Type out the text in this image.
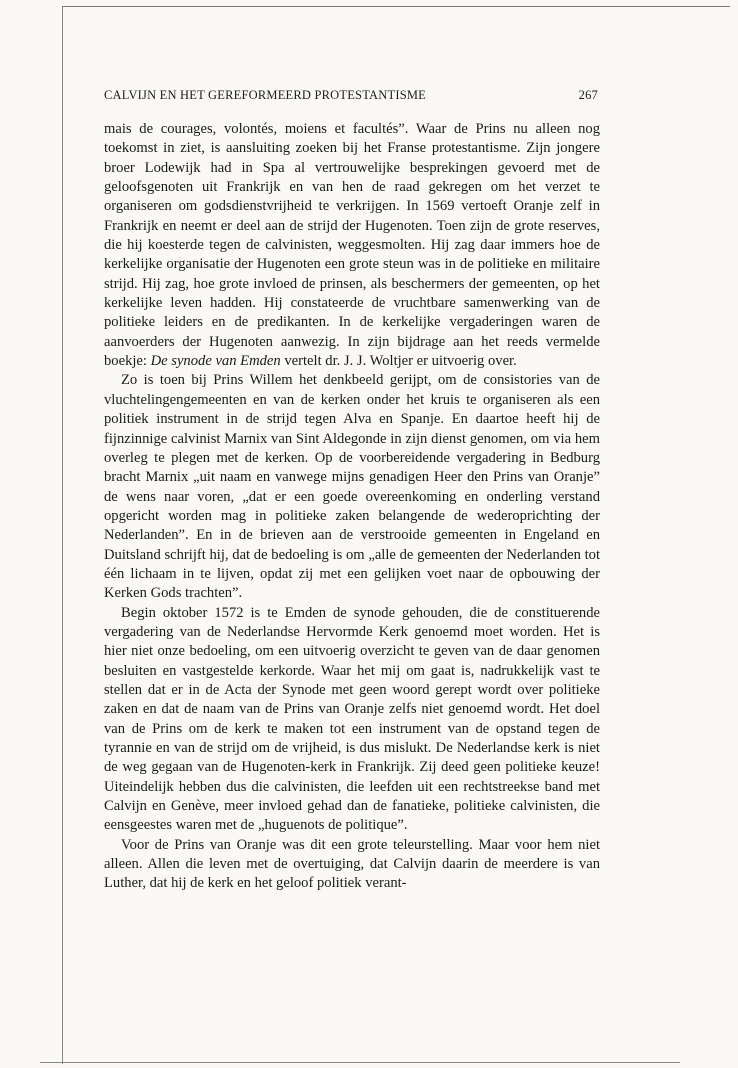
CALVIJN EN HET GEREFORMEERD PROTESTANTISME	267

mais de courages, volontés, moiens et facultés”. Waar de Prins nu alleen nog toekomst in ziet, is aansluiting zoeken bij het Franse protestantisme. Zijn jongere broer Lodewijk had in Spa al vertrouwelijke besprekingen gevoerd met de geloofsgenoten uit Frankrijk en van hen de raad gekregen om het verzet te organiseren om godsdienstvrijheid te verkrijgen. In 1569 vertoeft Oranje zelf in Frankrijk en neemt er deel aan de strijd der Hugenoten. Toen zijn de grote reserves, die hij koesterde tegen de calvinisten, weggesmolten. Hij zag daar immers hoe de kerkelijke organisatie der Hugenoten een grote steun was in de politieke en militaire strijd. Hij zag, hoe grote invloed de prinsen, als beschermers der gemeenten, op het kerkelijke leven hadden. Hij constateerde de vruchtbare samenwerking van de politieke leiders en de predikanten. In de kerkelijke vergaderingen waren de aanvoerders der Hugenoten aanwezig. In zijn bijdrage aan het reeds vermelde boekje: De synode van Emden vertelt dr. J. J. Woltjer er uitvoerig over.

Zo is toen bij Prins Willem het denkbeeld gerijpt, om de consistories van de vluchtelingengemeenten en van de kerken onder het kruis te organiseren als een politiek instrument in de strijd tegen Alva en Spanje. En daartoe heeft hij de fijnzinnige calvinist Marnix van Sint Aldegonde in zijn dienst genomen, om via hem overleg te plegen met de kerken. Op de voorbereidende vergadering in Bedburg bracht Marnix „uit naam en vanwege mijns genadigen Heer den Prins van Oranje” de wens naar voren, „dat er een goede overeenkoming en onderling verstand opgericht worden mag in politieke zaken belangende de wederoprichting der Nederlanden”. En in de brieven aan de verstrooide gemeenten in Engeland en Duitsland schrijft hij, dat de bedoeling is om „alle de gemeenten der Nederlanden tot één lichaam in te lijven, opdat zij met een gelijken voet naar de opbouwing der Kerken Gods trachten”.

Begin oktober 1572 is te Emden de synode gehouden, die de constituerende vergadering van de Nederlandse Hervormde Kerk genoemd moet worden. Het is hier niet onze bedoeling, om een uitvoerig overzicht te geven van de daar genomen besluiten en vastgestelde kerkorde. Waar het mij om gaat is, nadrukkelijk vast te stellen dat er in de Acta der Synode met geen woord gerept wordt over politieke zaken en dat de naam van de Prins van Oranje zelfs niet genoemd wordt. Het doel van de Prins om de kerk te maken tot een instrument van de opstand tegen de tyrannie en van de strijd om de vrijheid, is dus mislukt. De Nederlandse kerk is niet de weg gegaan van de Hugenoten-kerk in Frankrijk. Zij deed geen politieke keuze! Uiteindelijk hebben dus die calvinisten, die leefden uit een rechtstreekse band met Calvijn en Genève, meer invloed gehad dan de fanatieke, politieke calvinisten, die eensgeestes waren met de „huguenots de politique”.

Voor de Prins van Oranje was dit een grote teleurstelling. Maar voor hem niet alleen. Allen die leven met de overtuiging, dat Calvijn daarin de meerdere is van Luther, dat hij de kerk en het geloof politiek verant-
